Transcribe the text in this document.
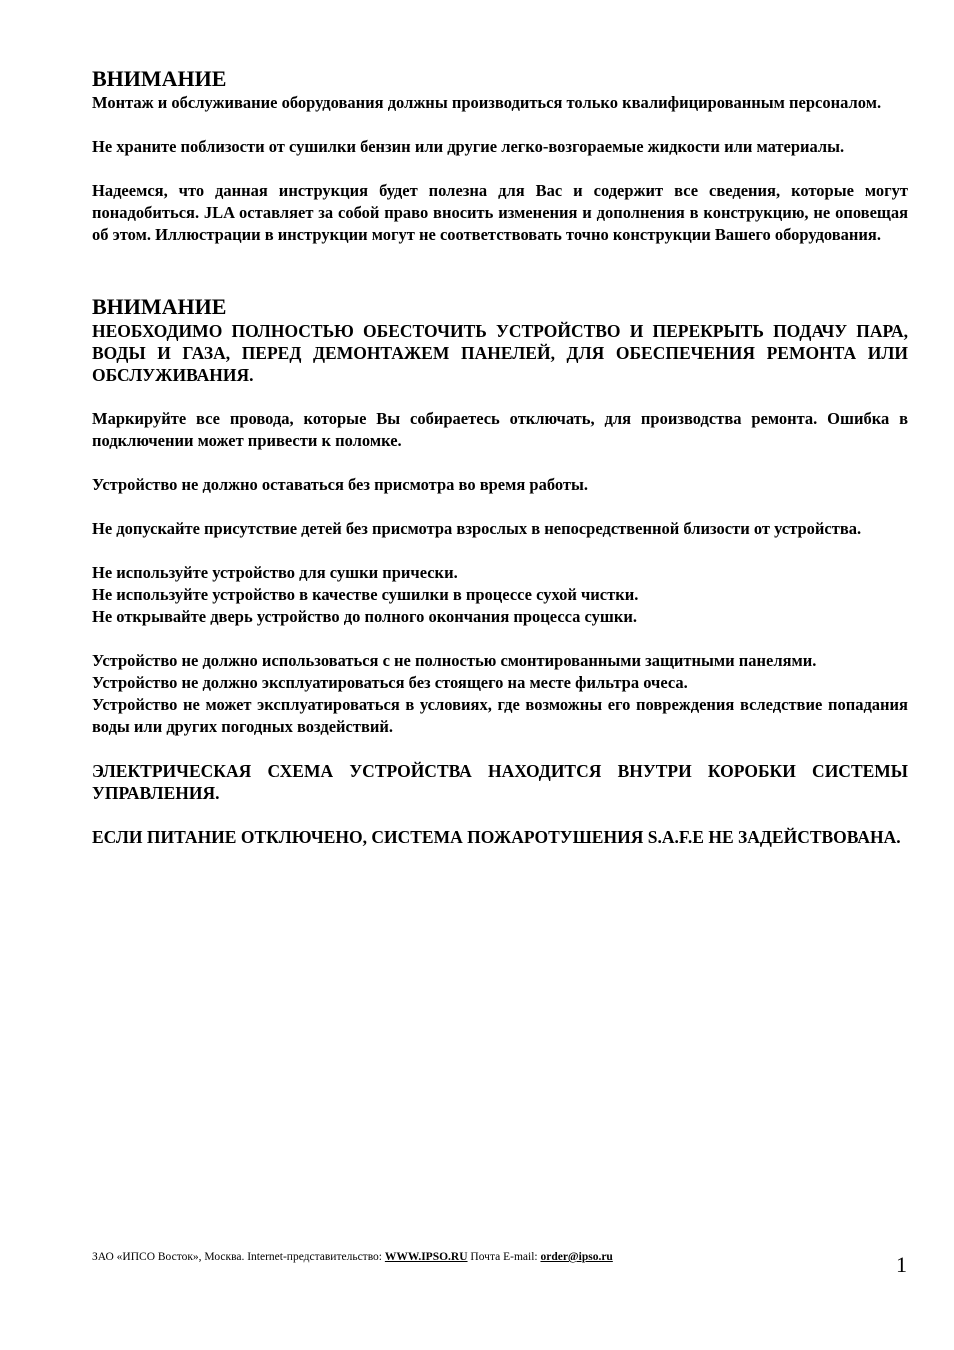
ВНИМАНИЕ

Монтаж и обслуживание оборудования должны производиться только квалифицированным персоналом.

Не храните поблизости от сушилки бензин или другие легко-возгораемые жидкости или материалы.

Надеемся, что данная инструкция будет полезна для Вас и содержит все сведения, которые могут понадобиться. JLA оставляет за собой право вносить изменения и дополнения в конструкцию, не оповещая об этом. Иллюстрации в инструкции могут не соответствовать точно конструкции Вашего оборудования.

ВНИМАНИЕ

НЕОБХОДИМО ПОЛНОСТЬЮ ОБЕСТОЧИТЬ УСТРОЙСТВО И ПЕРЕКРЫТЬ ПОДАЧУ ПАРА, ВОДЫ И ГАЗА, ПЕРЕД ДЕМОНТАЖЕМ ПАНЕЛЕЙ, ДЛЯ ОБЕСПЕЧЕНИЯ РЕМОНТА ИЛИ ОБСЛУЖИВАНИЯ.

Маркируйте все провода, которые Вы собираетесь отключать, для производства ремонта. Ошибка в подключении может привести к поломке.

Устройство не должно оставаться без присмотра во время работы.

Не допускайте присутствие детей без присмотра взрослых в непосредственной близости от устройства.

Не используйте устройство для сушки прически.

Не используйте устройство в качестве сушилки в процессе сухой чистки.

Не открывайте дверь устройство до полного окончания процесса сушки.

Устройство не должно использоваться с не полностью смонтированными защитными панелями.

Устройство не должно эксплуатироваться без стоящего на месте фильтра очеса.

Устройство не может эксплуатироваться в условиях, где возможны его повреждения вследствие попадания воды или других погодных воздействий.

ЭЛЕКТРИЧЕСКАЯ СХЕМА УСТРОЙСТВА НАХОДИТСЯ ВНУТРИ КОРОБКИ СИСТЕМЫ УПРАВЛЕНИЯ.

ЕСЛИ ПИТАНИЕ ОТКЛЮЧЕНО, СИСТЕМА ПОЖАРОТУШЕНИЯ S.A.F.E НЕ ЗАДЕЙСТВОВАНА.

ЗАО «ИПСО Восток», Москва. Internet-представительство: WWW.IPSO.RU Почта E-mail: order@ipso.ru	1
